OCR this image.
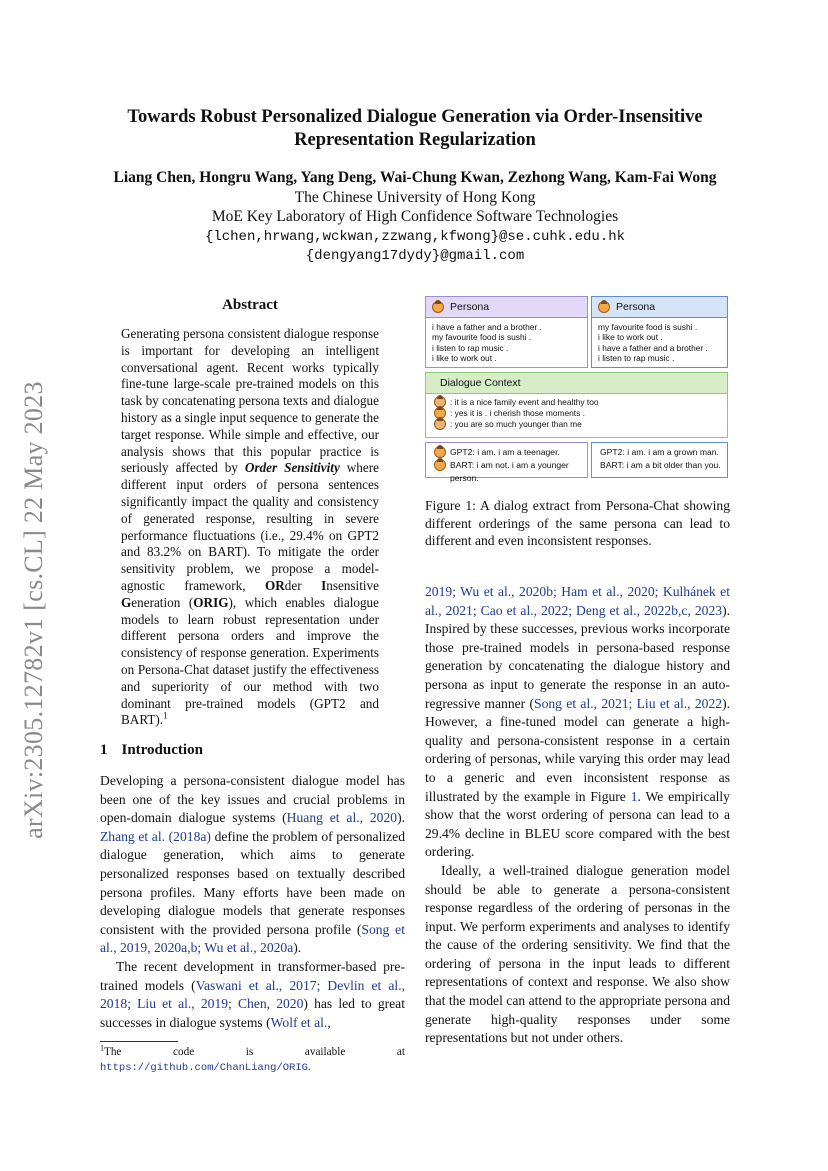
arXiv:2305.12782v1 [cs.CL] 22 May 2023
Towards Robust Personalized Dialogue Generation via Order-Insensitive Representation Regularization
Liang Chen, Hongru Wang, Yang Deng, Wai-Chung Kwan, Zezhong Wang, Kam-Fai Wong
The Chinese University of Hong Kong
MoE Key Laboratory of High Confidence Software Technologies
{lchen,hrwang,wckwan,zzwang,kfwong}@se.cuhk.edu.hk
{dengyang17dydy}@gmail.com
Abstract
Generating persona consistent dialogue response is important for developing an intelligent conversational agent. Recent works typically fine-tune large-scale pre-trained models on this task by concatenating persona texts and dialogue history as a single input sequence to generate the target response. While simple and effective, our analysis shows that this popular practice is seriously affected by Order Sensitivity where different input orders of persona sentences significantly impact the quality and consistency of generated response, resulting in severe performance fluctuations (i.e., 29.4% on GPT2 and 83.2% on BART). To mitigate the order sensitivity problem, we propose a model-agnostic framework, ORder Insensitive Generation (ORIG), which enables dialogue models to learn robust representation under different persona orders and improve the consistency of response generation. Experiments on Persona-Chat dataset justify the effectiveness and superiority of our method with two dominant pre-trained models (GPT2 and BART).$^1$
1 Introduction

Developing a persona-consistent dialogue model has been one of the key issues and crucial problems in open-domain dialogue systems (Huang et al., 2020). Zhang et al. (2018a) define the problem of personalized dialogue generation, which aims to generate personalized responses based on textually described persona profiles. Many efforts have been made on developing dialogue models that generate responses consistent with the provided persona profile (Song et al., 2019, 2020a,b; Wu et al., 2020a).

The recent development in transformer-based pre-trained models (Vaswani et al., 2017; Devlin et al., 2018; Liu et al., 2019; Chen, 2020) has led to great successes in dialogue systems (Wolf et al.,

$^1$The code is available at https://github.com/ChanLiang/ORIG.
Persona
i have a father and a brother .
my favourite food is sushi .
i listen to rap music .
i like to work out .
Persona
my favourite food is sushi .
i like to work out .
i have a father and a brother .
i listen to rap music .
Dialogue Context
: it is a nice family event and healthy too
: yes it is . i cherish those moments .
: you are so much younger than me
GPT2: i am. i am a teenager.
BART: i am not. i am a younger person.
GPT2: i am. i am a grown man.
BART: i am a bit older than you.

Figure 1: A dialog extract from Persona-Chat showing different orderings of the same persona can lead to different and even inconsistent responses.

2019; Wu et al., 2020b; Ham et al., 2020; Kulhánek et al., 2021; Cao et al., 2022; Deng et al., 2022b,c, 2023). Inspired by these successes, previous works incorporate those pre-trained models in persona-based response generation by concatenating the dialogue history and persona as input to generate the response in an auto-regressive manner (Song et al., 2021; Liu et al., 2022). However, a fine-tuned model can generate a high-quality and persona-consistent response in a certain ordering of personas, while varying this order may lead to a generic and even inconsistent response as illustrated by the example in Figure 1. We empirically show that the worst ordering of persona can lead to a 29.4% decline in BLEU score compared with the best ordering.

Ideally, a well-trained dialogue generation model should be able to generate a persona-consistent response regardless of the ordering of personas in the input. We perform experiments and analyses to identify the cause of the ordering sensitivity. We find that the ordering of persona in the input leads to different representations of context and response. We also show that the model can attend to the appropriate persona and generate high-quality responses under some representations but not under others.
